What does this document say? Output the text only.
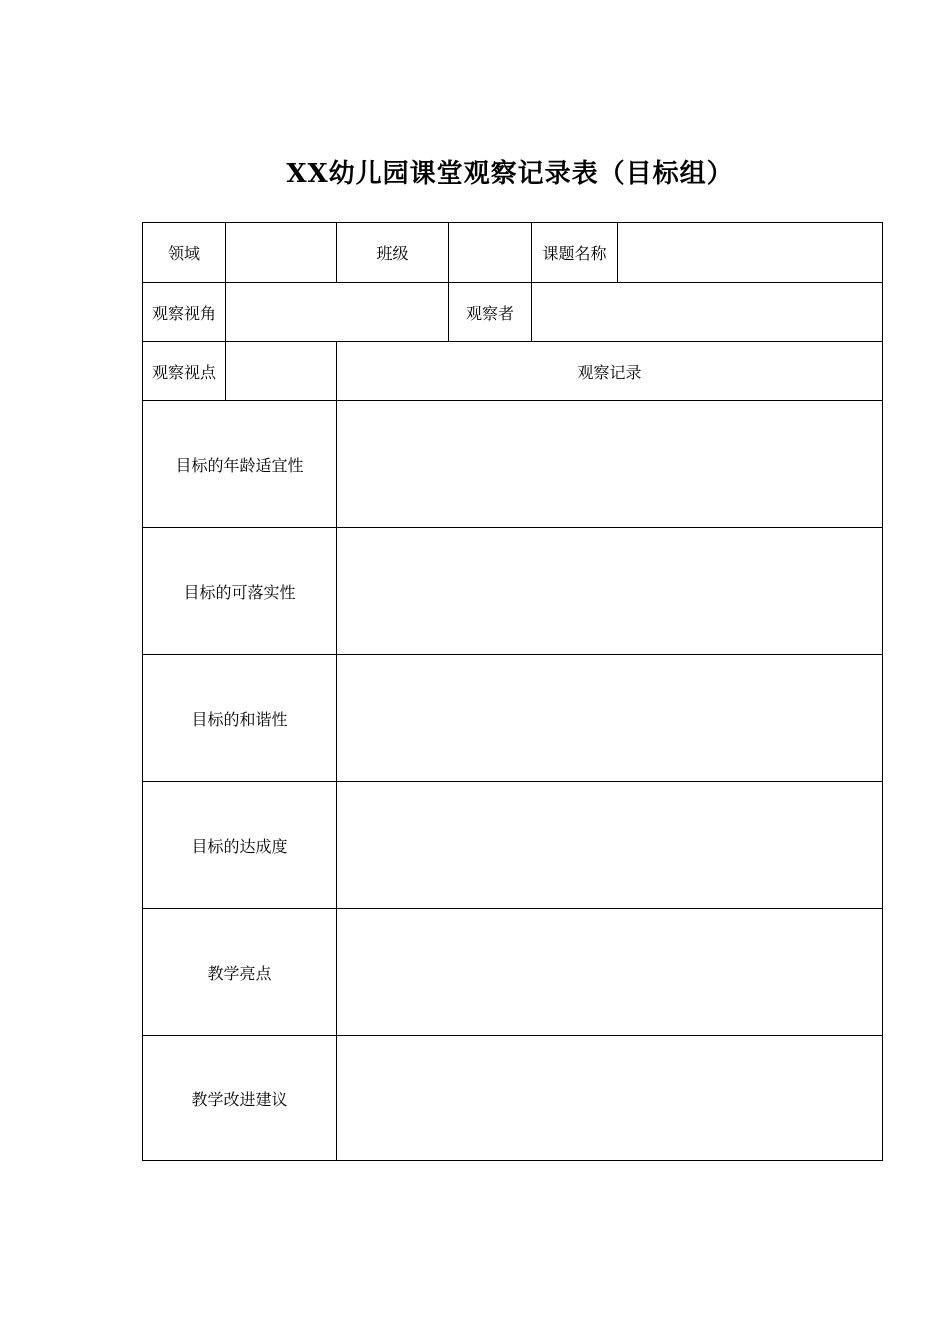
XX幼儿园课堂观察记录表（目标组）
领域	班级	课题名称
观察视角	观察者
观察视点	观察记录
目标的年龄适宜性
目标的可落实性
目标的和谐性
目标的达成度
教学亮点
教学改进建议
